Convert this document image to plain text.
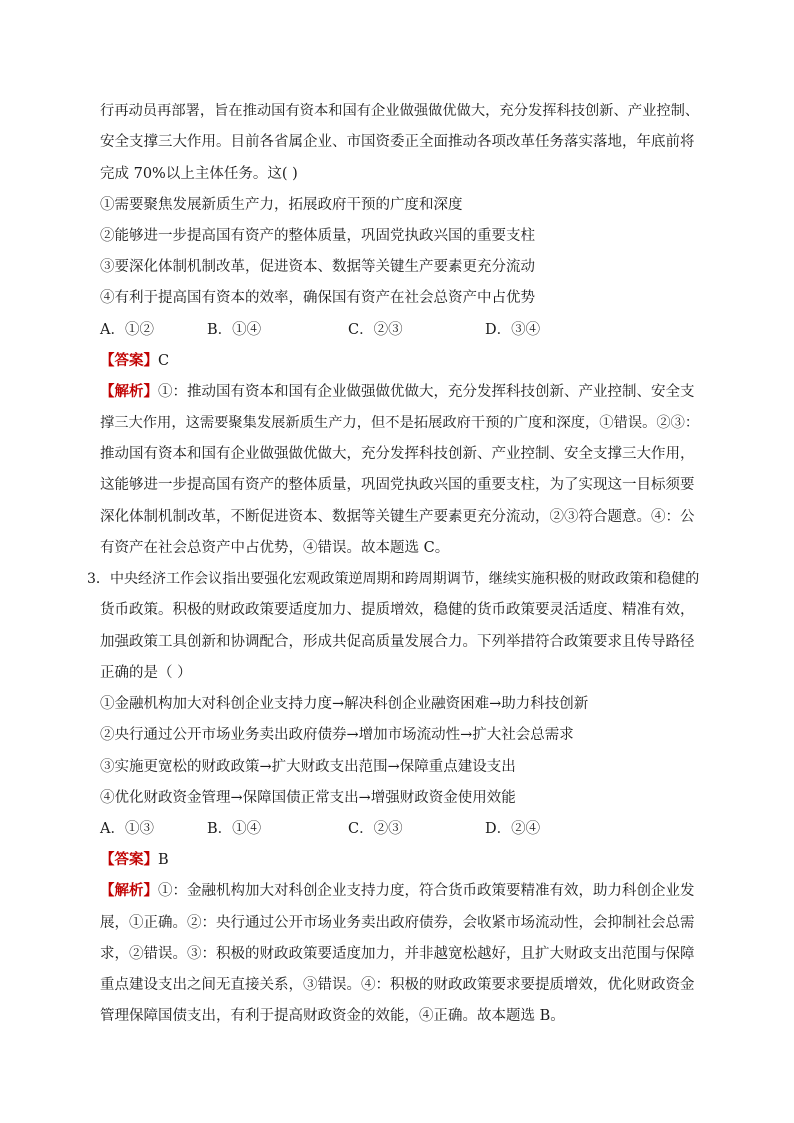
行再动员再部署，旨在推动国有资本和国有企业做强做优做大，充分发挥科技创新、产业控制、
安全支撑三大作用。目前各省属企业、市国资委正全面推动各项改革任务落实落地，年底前将
完成 70%以上主体任务。这( )
①需要聚焦发展新质生产力，拓展政府干预的广度和深度
②能够进一步提高国有资产的整体质量，巩固党执政兴国的重要支柱
③要深化体制机制改革，促进资本、数据等关键生产要素更充分流动
④有利于提高国有资本的效率，确保国有资产在社会总资产中占优势
A．①②	B．①④	C．②③	D．③④
【答案】C
【解析】①：推动国有资本和国有企业做强做优做大，充分发挥科技创新、产业控制、安全支
撑三大作用，这需要聚集发展新质生产力，但不是拓展政府干预的广度和深度，①错误。②③：
推动国有资本和国有企业做强做优做大，充分发挥科技创新、产业控制、安全支撑三大作用，
这能够进一步提高国有资产的整体质量，巩固党执政兴国的重要支柱，为了实现这一目标须要
深化体制机制改革，不断促进资本、数据等关键生产要素更充分流动，②③符合题意。④：公
有资产在社会总资产中占优势，④错误。故本题选 C。
3．中央经济工作会议指出要强化宏观政策逆周期和跨周期调节，继续实施积极的财政政策和稳健的
货币政策。积极的财政政策要适度加力、提质增效，稳健的货币政策要灵活适度、精准有效，
加强政策工具创新和协调配合，形成共促高质量发展合力。下列举措符合政策要求且传导路径
正确的是（ ）
①金融机构加大对科创企业支持力度→解决科创企业融资困难→助力科技创新
②央行通过公开市场业务卖出政府债券→增加市场流动性→扩大社会总需求
③实施更宽松的财政政策→扩大财政支出范围→保障重点建设支出
④优化财政资金管理→保障国债正常支出→增强财政资金使用效能
A．①③	B．①④	C．②③	D．②④
【答案】B
【解析】①：金融机构加大对科创企业支持力度，符合货币政策要精准有效，助力科创企业发
展，①正确。②：央行通过公开市场业务卖出政府债券，会收紧市场流动性，会抑制社会总需
求，②错误。③：积极的财政政策要适度加力，并非越宽松越好，且扩大财政支出范围与保障
重点建设支出之间无直接关系，③错误。④：积极的财政政策要求要提质增效，优化财政资金
管理保障国债支出，有利于提高财政资金的效能，④正确。故本题选 B。
